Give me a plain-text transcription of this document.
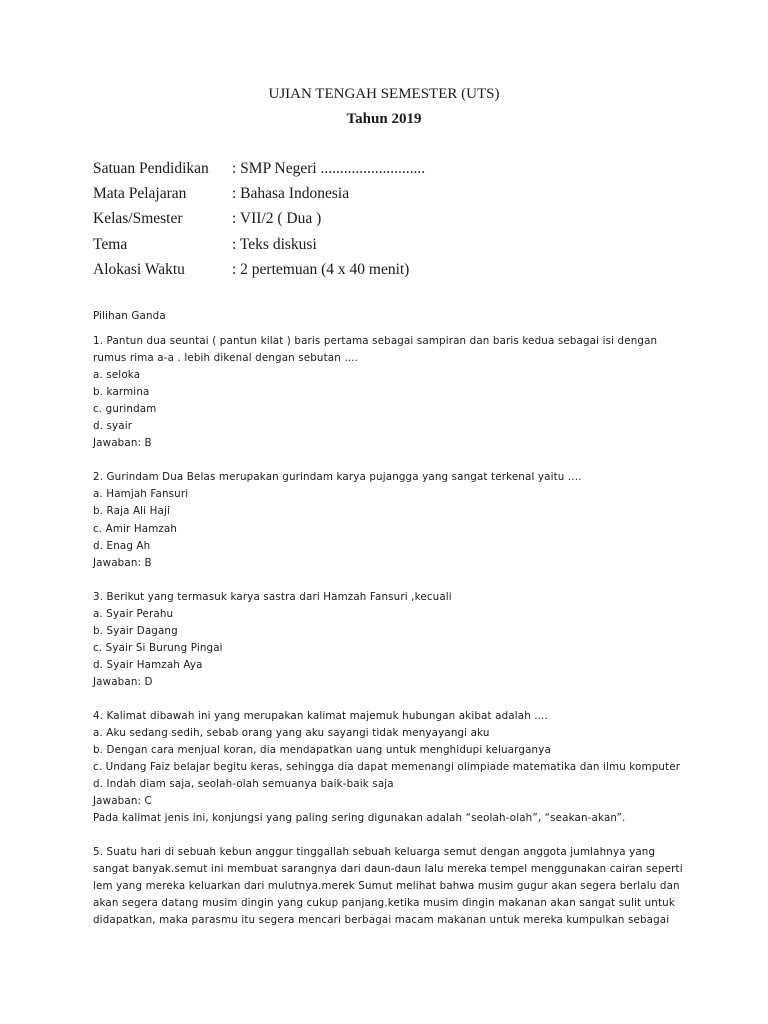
UJIAN TENGAH SEMESTER (UTS)
Tahun 2019
Satuan Pendidikan	: SMP Negeri ...........................
Mata Pelajaran	: Bahasa Indonesia
Kelas/Smester	: VII/2 ( Dua )
Tema	: Teks diskusi
Alokasi Waktu	: 2 pertemuan (4 x 40 menit)
Pilihan Ganda
1. Pantun dua seuntai ( pantun kilat ) baris pertama sebagai sampiran dan baris kedua sebagai isi dengan
rumus rima a-a . lebih dikenal dengan sebutan ....
a. seloka
b. karmina
c. gurindam
d. syair
Jawaban: B
2. Gurindam Dua Belas merupakan gurindam karya pujangga yang sangat terkenal yaitu ....
a. Hamjah Fansuri
b. Raja Ali Haji
c. Amir Hamzah
d. Enag Ah
Jawaban: B
3. Berikut yang termasuk karya sastra dari Hamzah Fansuri ,kecuali
a. Syair Perahu
b. Syair Dagang
c. Syair Si Burung Pingai
d. Syair Hamzah Aya
Jawaban: D
4. Kalimat dibawah ini yang merupakan kalimat majemuk hubungan akibat adalah ....
a. Aku sedang sedih, sebab orang yang aku sayangi tidak menyayangi aku
b. Dengan cara menjual koran, dia mendapatkan uang untuk menghidupi keluarganya
c. Undang Faiz belajar begitu keras, sehingga dia dapat memenangi olimpiade matematika dan ilmu komputer
d. Indah diam saja, seolah-olah semuanya baik-baik saja
Jawaban: C
Pada kalimat jenis ini, konjungsi yang paling sering digunakan adalah “seolah-olah”, “seakan-akan”.
5. Suatu hari di sebuah kebun anggur tinggallah sebuah keluarga semut dengan anggota jumlahnya yang
sangat banyak.semut ini membuat sarangnya dari daun-daun lalu mereka tempel menggunakan cairan seperti
lem yang mereka keluarkan dari mulutnya.merek Sumut melihat bahwa musim gugur akan segera berlalu dan
akan segera datang musim dingin yang cukup panjang.ketika musim dingin makanan akan sangat sulit untuk
didapatkan, maka parasmu itu segera mencari berbagai macam makanan untuk mereka kumpulkan sebagai
